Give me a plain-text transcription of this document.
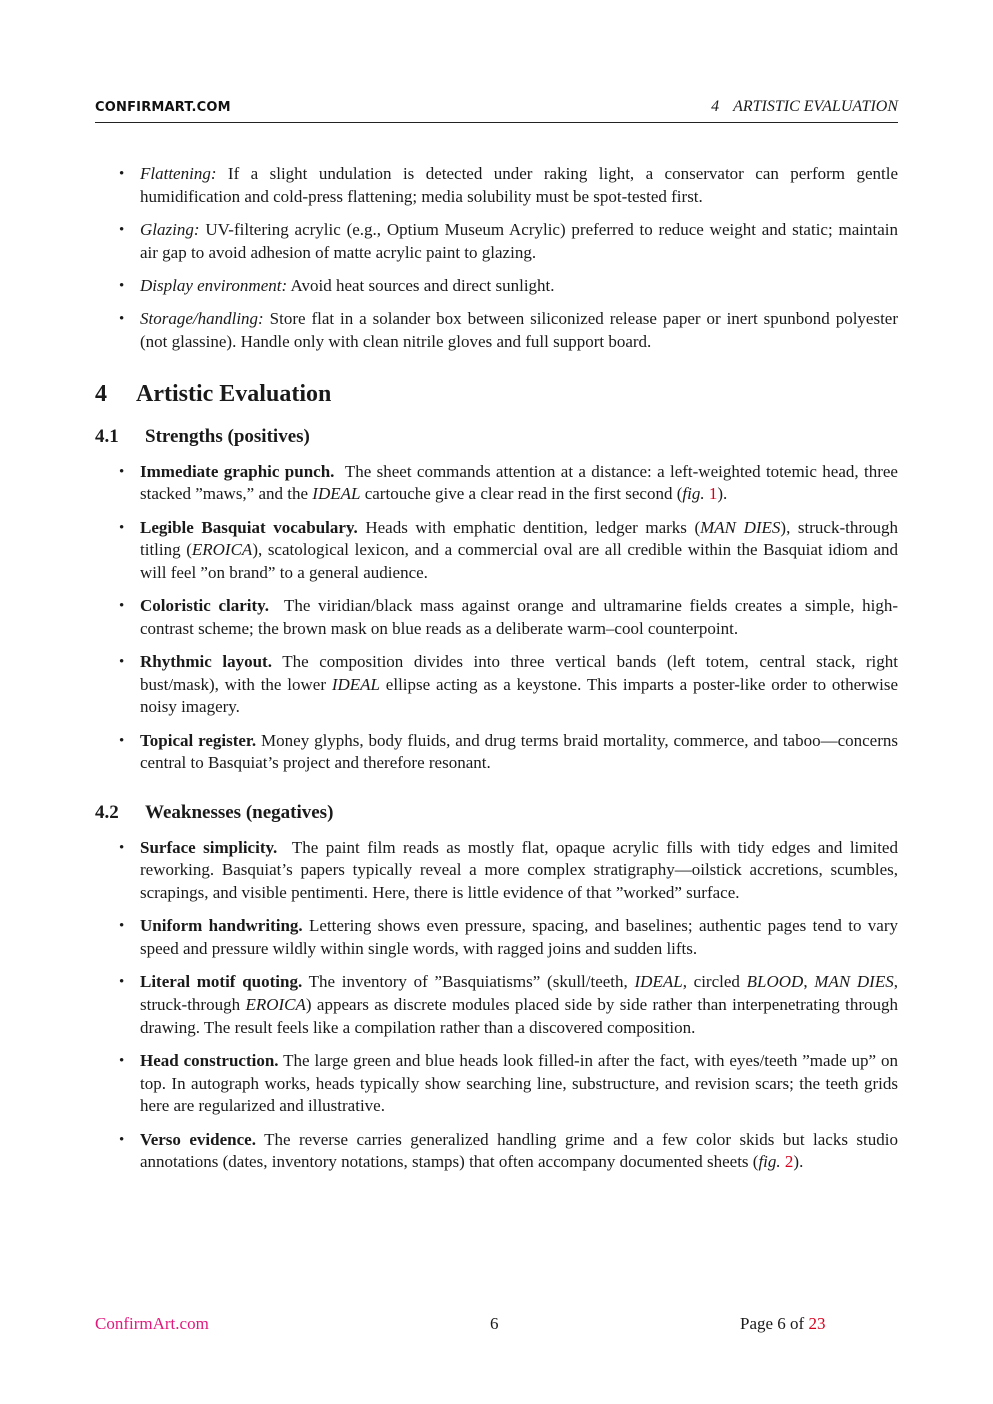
CONFIRMART.COM	4 ARTISTIC EVALUATION
• Flattening: If a slight undulation is detected under raking light, a conservator can perform gentle humidification and cold-press flattening; media solubility must be spot-tested first.
• Glazing: UV-filtering acrylic (e.g., Optium Museum Acrylic) preferred to reduce weight and static; maintain air gap to avoid adhesion of matte acrylic paint to glazing.
• Display environment: Avoid heat sources and direct sunlight.
• Storage/handling: Store flat in a solander box between siliconized release paper or inert spunbond polyester (not glassine). Handle only with clean nitrile gloves and full support board.
4 Artistic Evaluation
4.1 Strengths (positives)
• Immediate graphic punch. The sheet commands attention at a distance: a left-weighted totemic head, three stacked ”maws,” and the IDEAL cartouche give a clear read in the first second (fig. 1).
• Legible Basquiat vocabulary. Heads with emphatic dentition, ledger marks (MAN DIES), struck-through titling (EROICA), scatological lexicon, and a commercial oval are all credible within the Basquiat idiom and will feel ”on brand” to a general audience.
• Coloristic clarity. The viridian/black mass against orange and ultramarine fields creates a simple, high-contrast scheme; the brown mask on blue reads as a deliberate warm–cool counterpoint.
• Rhythmic layout. The composition divides into three vertical bands (left totem, central stack, right bust/mask), with the lower IDEAL ellipse acting as a keystone. This imparts a poster-like order to otherwise noisy imagery.
• Topical register. Money glyphs, body fluids, and drug terms braid mortality, commerce, and taboo—concerns central to Basquiat’s project and therefore resonant.
4.2 Weaknesses (negatives)
• Surface simplicity. The paint film reads as mostly flat, opaque acrylic fills with tidy edges and limited reworking. Basquiat’s papers typically reveal a more complex stratigraphy—oilstick accretions, scumbles, scrapings, and visible pentimenti. Here, there is little evidence of that ”worked” surface.
• Uniform handwriting. Lettering shows even pressure, spacing, and baselines; authentic pages tend to vary speed and pressure wildly within single words, with ragged joins and sudden lifts.
• Literal motif quoting. The inventory of ”Basquiatisms” (skull/teeth, IDEAL, circled BLOOD, MAN DIES, struck-through EROICA) appears as discrete modules placed side by side rather than interpenetrating through drawing. The result feels like a compilation rather than a discovered composition.
• Head construction. The large green and blue heads look filled-in after the fact, with eyes/teeth ”made up” on top. In autograph works, heads typically show searching line, substructure, and revision scars; the teeth grids here are regularized and illustrative.
• Verso evidence. The reverse carries generalized handling grime and a few color skids but lacks studio annotations (dates, inventory notations, stamps) that often accompany documented sheets (fig. 2).
ConfirmArt.com	6	Page 6 of 23
